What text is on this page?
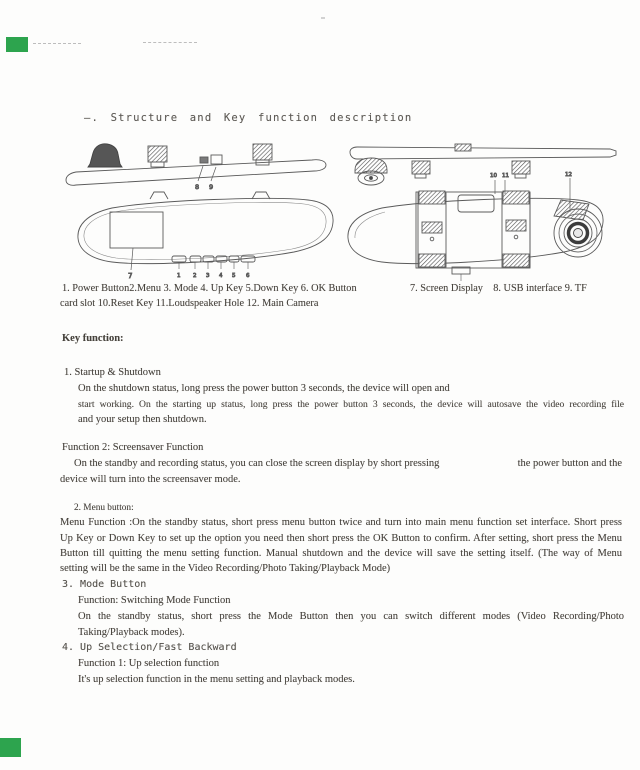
—. Structure and Key function description
8 9
7	1 2 3 4 5 6
10 11	12
1. Power Button2.Menu 3. Mode 4. Up Key 5.Down Key 6. OK Button	7. Screen Display    8. USB interface 9. TF
card slot 10.Reset Key 11.Loudspeaker Hole 12. Main Camera
Key function:
1. Startup & Shutdown
On the shutdown status, long press the power button 3 seconds, the device will open and
start working. On the starting up status, long press the power button 3 seconds, the device will autosave the video recording file
and your setup then shutdown.
Function 2: Screensaver Function
On the standby and recording status, you can close the screen display by short pressing	the power button and the
device will turn into the screensaver mode.
2. Menu button:
Menu Function :On the standby status, short press menu button twice and turn into main menu function set interface. Short press
Up Key or Down Key to set up the option you need then short press the OK Button to confirm. After setting, short press the Menu
Button till quitting the menu setting function. Manual shutdown and the device will save the setting itself. (The way of Menu
setting will be the same in the Video Recording/Photo Taking/Playback Mode)
3. Mode Button
Function: Switching Mode Function
On the standby status, short press the Mode Button then you can switch different modes (Video Recording/Photo
Taking/Playback modes).
4. Up Selection/Fast Backward
Function 1: Up selection function
It's up selection function in the menu setting and playback modes.
